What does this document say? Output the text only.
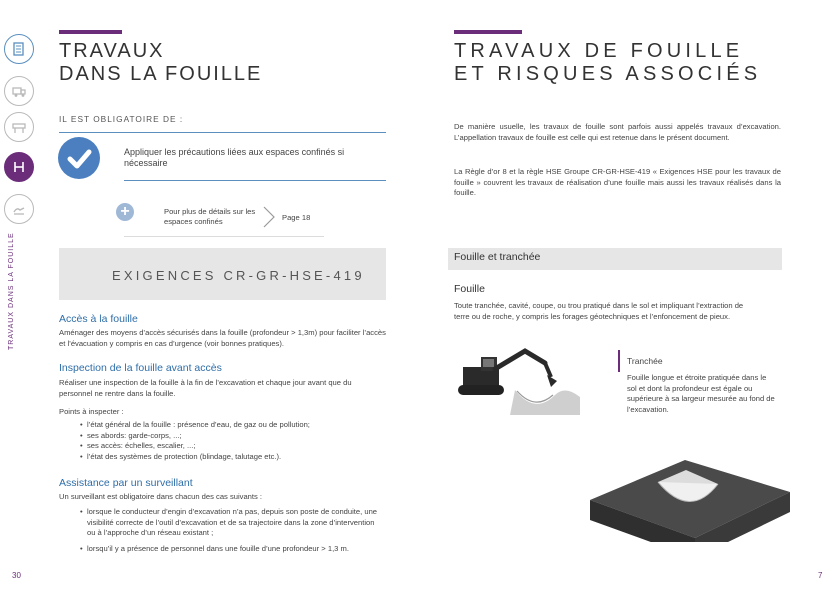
TRAVAUX DANS LA FOUILLE
TRAVAUX
DANS LA FOUILLE
IL EST OBLIGATOIRE DE :
Appliquer les précautions liées aux espaces confinés si nécessaire
+	Pour plus de détails sur les espaces confinés	Page 18
EXIGENCES CR-GR-HSE-419
Accès à la fouille
Aménager des moyens d’accès sécurisés dans la fouille (profondeur > 1,3m) pour faciliter l’accès et l’évacuation y compris en cas d’urgence (voir bonnes pratiques).
Inspection de la fouille avant accès
Réaliser une inspection de la fouille à la fin de l’excavation et chaque jour avant que du personnel ne rentre dans la fouille.
Points à inspecter :
• l’état général de la fouille : présence d’eau, de gaz ou de pollution;
• ses abords: garde-corps, ...;
• ses accès: échelles, escalier, ...;
• l’état des systèmes de protection (blindage, talutage etc.).
Assistance par un surveillant
Un surveillant est obligatoire dans chacun des cas suivants :
• lorsque le conducteur d’engin d’excavation n’a pas, depuis son poste de conduite, une visibilité correcte de l’outil d’excavation et de sa trajectoire dans la zone d’intervention ou à l’approche d’un réseau existant ;
• lorsqu’il y a présence de personnel dans une fouille d’une profondeur > 1,3 m.
30
TRAVAUX DE FOUILLE
ET RISQUES ASSOCIÉS
De manière usuelle, les travaux de fouille sont parfois aussi appelés travaux d’excavation. L’appellation travaux de fouille est celle qui est retenue dans le présent document.
La Règle d’or 8 et la règle HSE Groupe CR-GR-HSE-419 « Exigences HSE pour les travaux de fouille » couvrent les travaux de réalisation d’une fouille mais aussi les travaux réalisés dans la fouille.
Fouille et tranchée
Fouille
Toute tranchée, cavité, coupe, ou trou pratiqué dans le sol et impliquant l’extraction de terre ou de roche, y compris les forages géotechniques et l’enfoncement de pieux.
Tranchée
Fouille longue et étroite pratiquée dans le sol et dont la profondeur est égale ou supérieure à sa largeur mesurée au fond de l’excavation.
7
